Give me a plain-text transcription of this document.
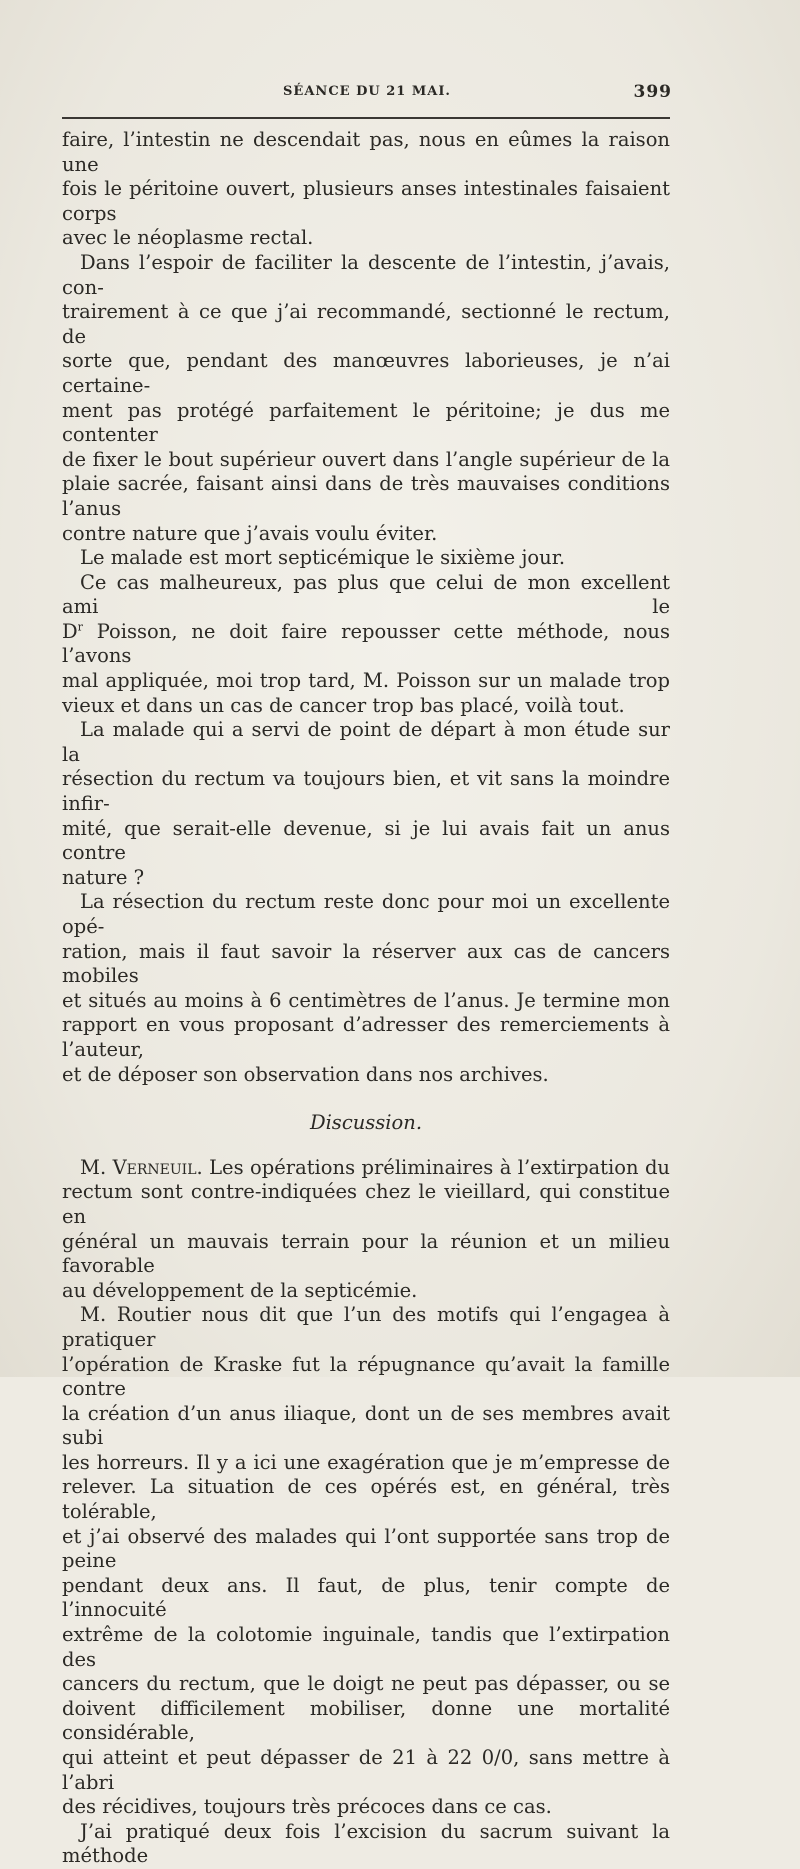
SÉANCE DU 21 MAI.	399

faire, l’intestin ne descendait pas, nous en eûmes la raison une

fois le péritoine ouvert, plusieurs anses intestinales faisaient corps

avec le néoplasme rectal.

Dans l’espoir de faciliter la descente de l’intestin, j’avais, con-

trairement à ce que j’ai recommandé, sectionné le rectum, de

sorte que, pendant des manœuvres laborieuses, je n’ai certaine-

ment pas protégé parfaitement le péritoine; je dus me contenter

de fixer le bout supérieur ouvert dans l’angle supérieur de la

plaie sacrée, faisant ainsi dans de très mauvaises conditions l’anus

contre nature que j’avais voulu éviter.

Le malade est mort septicémique le sixième jour.

Ce cas malheureux, pas plus que celui de mon excellent ami le

$D^r$ Poisson, ne doit faire repousser cette méthode, nous l’avons

mal appliquée, moi trop tard, M. Poisson sur un malade trop

vieux et dans un cas de cancer trop bas placé, voilà tout.

La malade qui a servi de point de départ à mon étude sur la

résection du rectum va toujours bien, et vit sans la moindre infir-

mité, que serait-elle devenue, si je lui avais fait un anus contre

nature ?

La résection du rectum reste donc pour moi un excellente opé-

ration, mais il faut savoir la réserver aux cas de cancers mobiles

et situés au moins à 6 centimètres de l’anus. Je termine mon

rapport en vous proposant d’adresser des remerciements à l’auteur,

et de déposer son observation dans nos archives.

Discussion.

M. Verneuil. Les opérations préliminaires à l’extirpation du

rectum sont contre-indiquées chez le vieillard, qui constitue en

général un mauvais terrain pour la réunion et un milieu favorable

au développement de la septicémie.

M. Routier nous dit que l’un des motifs qui l’engagea à pratiquer

l’opération de Kraske fut la répugnance qu’avait la famille contre

la création d’un anus iliaque, dont un de ses membres avait subi

les horreurs. Il y a ici une exagération que je m’empresse de

relever. La situation de ces opérés est, en général, très tolérable,

et j’ai observé des malades qui l’ont supportée sans trop de peine

pendant deux ans. Il faut, de plus, tenir compte de l’innocuité

extrême de la colotomie inguinale, tandis que l’extirpation des

cancers du rectum, que le doigt ne peut pas dépasser, ou se

doivent difficilement mobiliser, donne une mortalité considérable,

qui atteint et peut dépasser de 21 à 22 0/0, sans mettre à l’abri

des récidives, toujours très précoces dans ce cas.

J’ai pratiqué deux fois l’excision du sacrum suivant la méthode
